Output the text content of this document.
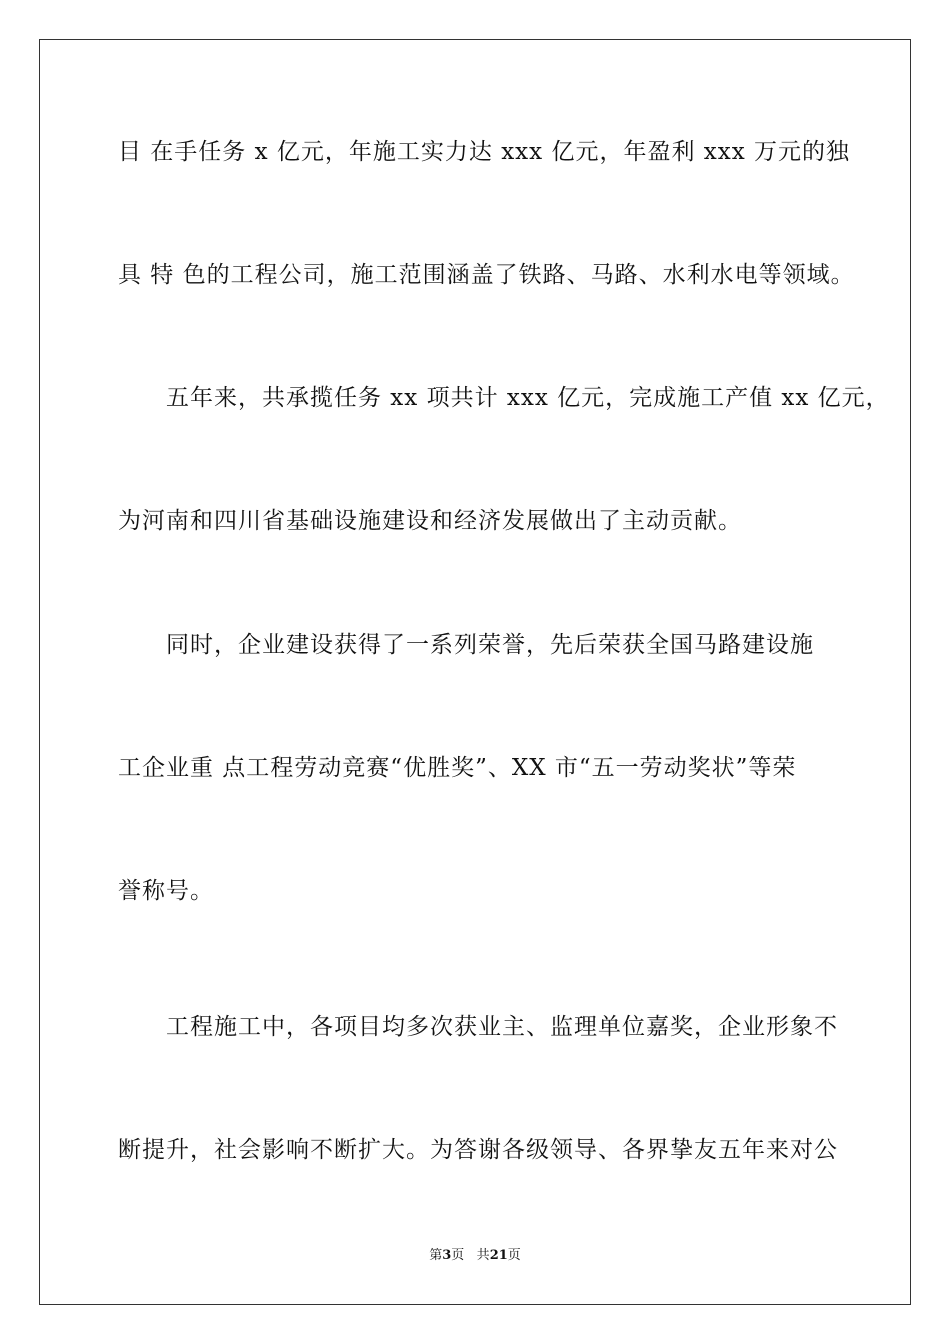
目 在手任务 x 亿元，年施工实力达 xxx 亿元，年盈利 xxx 万元的独
具 特 色的工程公司，施工范围涵盖了铁路、马路、水利水电等领域。
　　五年来，共承揽任务 xx 项共计 xxx 亿元，完成施工产值 xx 亿元，
为河南和四川省基础设施建设和经济发展做出了主动贡献。
　　同时，企业建设获得了一系列荣誉，先后荣获全国马路建设施
工企业重 点工程劳动竞赛“优胜奖”、XX 市“五一劳动奖状”等荣
誉称号。
　　工程施工中，各项目均多次获业主、监理单位嘉奖，企业形象不
断提升，社会影响不断扩大。为答谢各级领导、各界挚友五年来对公
第3页 共21页
